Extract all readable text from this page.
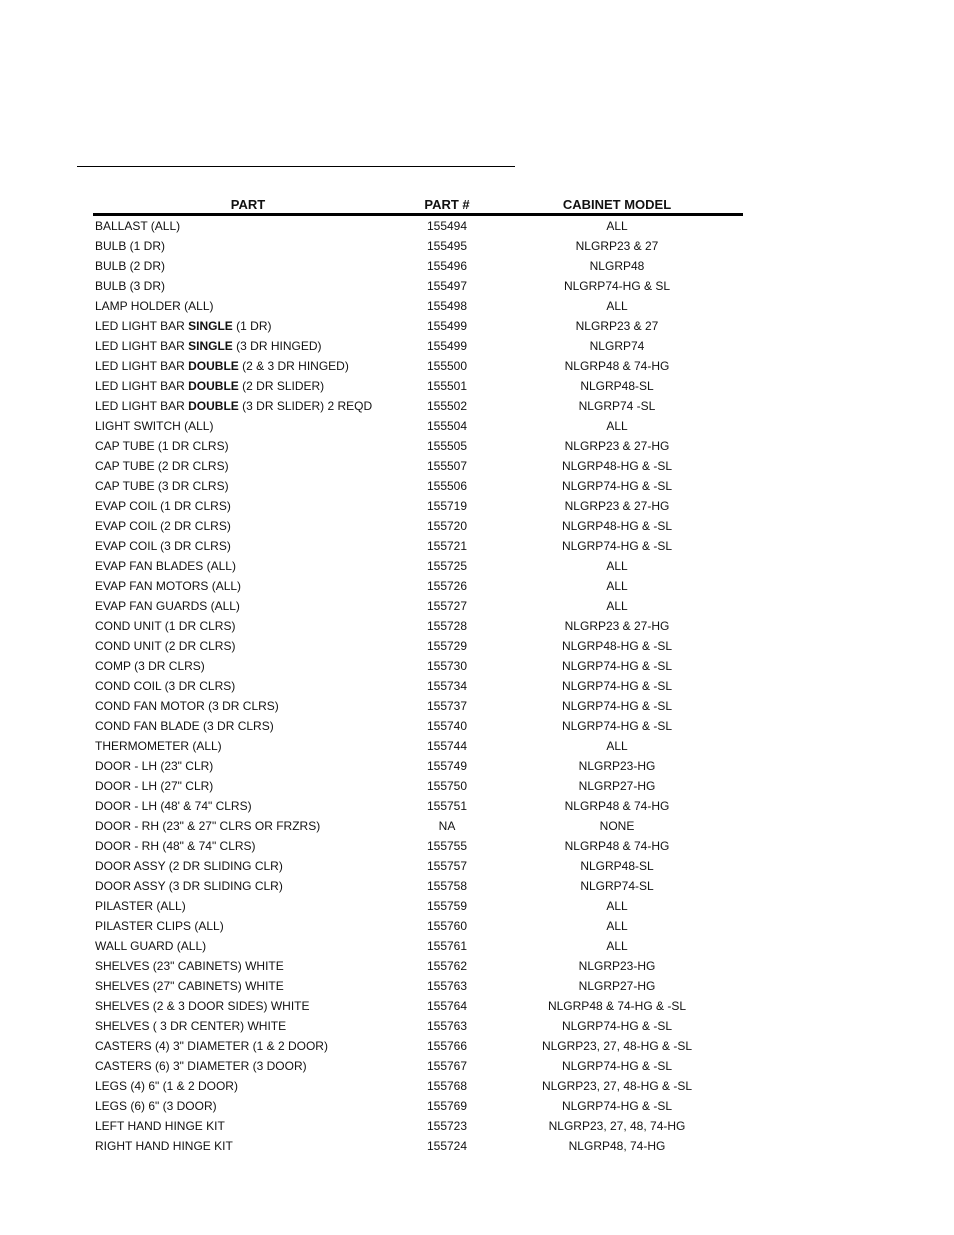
PART	PART #	CABINET MODEL
BALLAST (ALL)	155494	ALL
BULB (1 DR)	155495	NLGRP23 & 27
BULB (2 DR)	155496	NLGRP48
BULB (3 DR)	155497	NLGRP74-HG & SL
LAMP HOLDER (ALL)	155498	ALL
LED LIGHT BAR SINGLE (1 DR)	155499	NLGRP23 & 27
LED LIGHT BAR SINGLE (3 DR HINGED)	155499	NLGRP74
LED LIGHT BAR DOUBLE (2 & 3 DR HINGED)	155500	NLGRP48 & 74-HG
LED LIGHT BAR DOUBLE (2 DR SLIDER)	155501	NLGRP48-SL
LED LIGHT BAR DOUBLE (3 DR SLIDER) 2 REQD	155502	NLGRP74 -SL
LIGHT SWITCH (ALL)	155504	ALL
CAP TUBE (1 DR CLRS)	155505	NLGRP23 & 27-HG
CAP TUBE (2 DR CLRS)	155507	NLGRP48-HG & -SL
CAP TUBE (3 DR CLRS)	155506	NLGRP74-HG & -SL
EVAP COIL (1 DR CLRS)	155719	NLGRP23 & 27-HG
EVAP COIL (2 DR CLRS)	155720	NLGRP48-HG & -SL
EVAP COIL (3 DR CLRS)	155721	NLGRP74-HG & -SL
EVAP FAN BLADES (ALL)	155725	ALL
EVAP FAN MOTORS (ALL)	155726	ALL
EVAP FAN GUARDS (ALL)	155727	ALL
COND UNIT (1 DR CLRS)	155728	NLGRP23 & 27-HG
COND UNIT (2 DR CLRS)	155729	NLGRP48-HG & -SL
COMP (3 DR CLRS)	155730	NLGRP74-HG & -SL
COND COIL (3 DR CLRS)	155734	NLGRP74-HG & -SL
COND FAN MOTOR (3 DR CLRS)	155737	NLGRP74-HG & -SL
COND FAN BLADE (3 DR CLRS)	155740	NLGRP74-HG & -SL
THERMOMETER (ALL)	155744	ALL
DOOR - LH (23" CLR)	155749	NLGRP23-HG
DOOR - LH (27" CLR)	155750	NLGRP27-HG
DOOR - LH (48' & 74" CLRS)	155751	NLGRP48 & 74-HG
DOOR - RH (23" & 27" CLRS OR FRZRS)	NA	NONE
DOOR - RH (48" & 74" CLRS)	155755	NLGRP48 & 74-HG
DOOR ASSY (2 DR SLIDING CLR)	155757	NLGRP48-SL
DOOR ASSY (3 DR SLIDING CLR)	155758	NLGRP74-SL
PILASTER (ALL)	155759	ALL
PILASTER CLIPS (ALL)	155760	ALL
WALL GUARD (ALL)	155761	ALL
SHELVES (23" CABINETS) WHITE	155762	NLGRP23-HG
SHELVES (27" CABINETS) WHITE	155763	NLGRP27-HG
SHELVES (2 & 3 DOOR SIDES) WHITE	155764	NLGRP48 & 74-HG & -SL
SHELVES ( 3 DR CENTER) WHITE	155763	NLGRP74-HG & -SL
CASTERS (4) 3" DIAMETER (1 & 2 DOOR)	155766	NLGRP23, 27, 48-HG & -SL
CASTERS (6) 3" DIAMETER (3 DOOR)	155767	NLGRP74-HG & -SL
LEGS (4) 6" (1 & 2 DOOR)	155768	NLGRP23, 27, 48-HG & -SL
LEGS (6) 6" (3 DOOR)	155769	NLGRP74-HG & -SL
LEFT HAND HINGE KIT	155723	NLGRP23, 27, 48, 74-HG
RIGHT HAND HINGE KIT	155724	NLGRP48, 74-HG
